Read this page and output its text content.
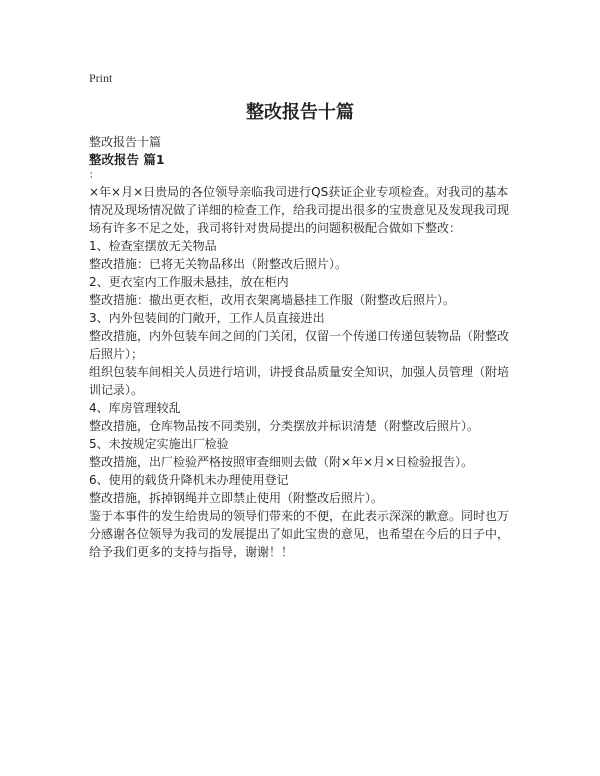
Print
整改报告十篇

整改报告十篇

整改报告 篇1

：

×年×月×日贵局的各位领导亲临我司进行QS获证企业专项检查。对我司的基本情况及现场情况做了详细的检查工作，给我司提出很多的宝贵意见及发现我司现场有许多不足之处，我司将针对贵局提出的问题积极配合做如下整改：

1、检查室摆放无关物品

整改措施：已将无关物品移出（附整改后照片）。

2、更衣室内工作服未悬挂，放在柜内

整改措施：撤出更衣柜，改用衣架离墙悬挂工作服（附整改后照片）。

3、内外包装间的门敞开，工作人员直接进出

整改措施，内外包装车间之间的门关闭，仅留一个传递口传递包装物品（附整改后照片）；

组织包装车间相关人员进行培训，讲授食品质量安全知识，加强人员管理（附培训记录）。

4、库房管理较乱

整改措施，仓库物品按不同类别，分类摆放并标识清楚（附整改后照片）。

5、未按规定实施出厂检验

整改措施，出厂检验严格按照审查细则去做（附×年×月×日检验报告）。

6、使用的载货升降机未办理使用登记

整改措施，拆掉钢绳并立即禁止使用（附整改后照片）。

鉴于本事件的发生给贵局的领导们带来的不便，在此表示深深的歉意。同时也万分感谢各位领导为我司的发展提出了如此宝贵的意见，也希望在今后的日子中，给予我们更多的支持与指导，谢谢！！
